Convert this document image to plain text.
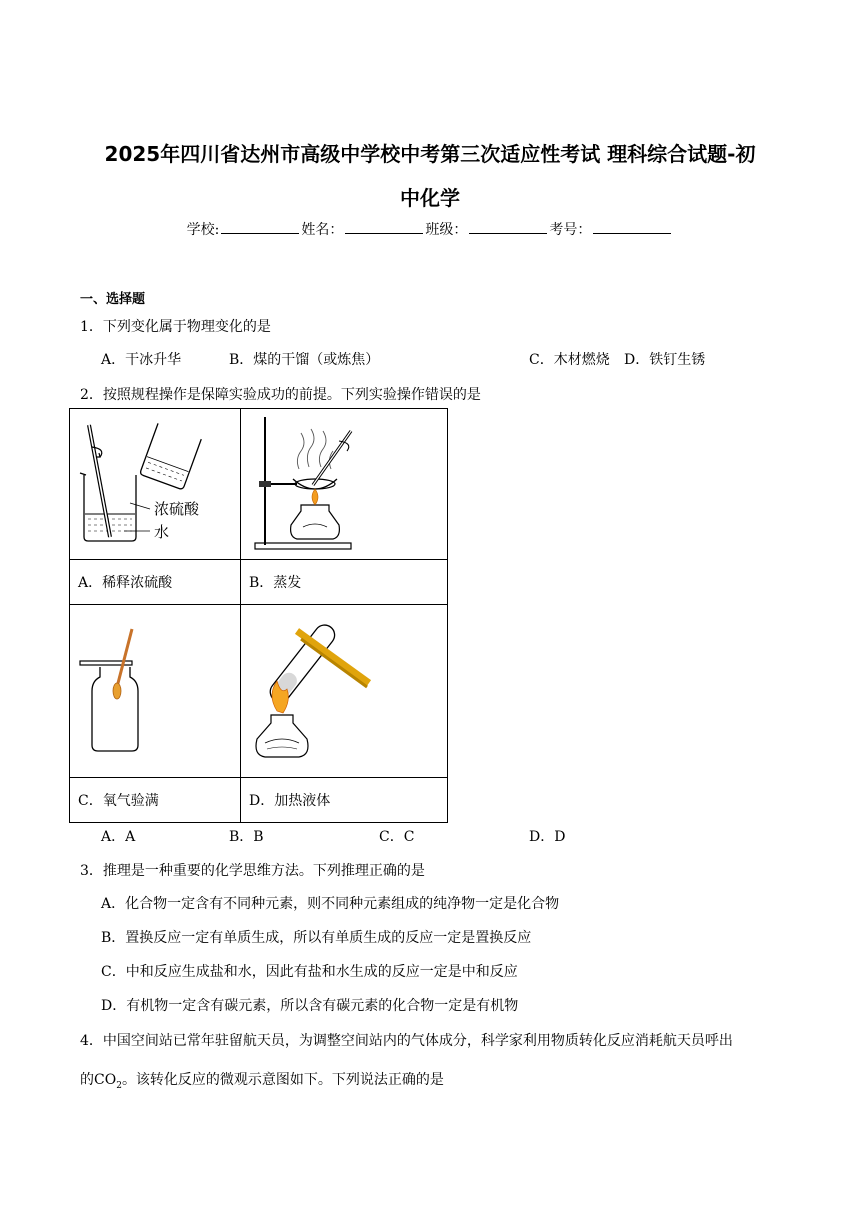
2025年四川省达州市高级中学校中考第三次适应性考试 理科综合试题-初
中化学
学校:	姓名：	班级：	考号：
一、选择题
1．下列变化属于物理变化的是
A．干冰升华	B．煤的干馏（或炼焦）	C．木材燃烧 D．铁钉生锈
2．按照规程操作是保障实验成功的前提。下列实验操作错误的是
浓硫酸
水

A．稀释浓硫酸	B．蒸发

C．氧气验满	D．加热液体
A．A	B．B	C．C	D．D
3．推理是一种重要的化学思维方法。下列推理正确的是
A．化合物一定含有不同种元素，则不同种元素组成的纯净物一定是化合物
B．置换反应一定有单质生成，所以有单质生成的反应一定是置换反应
C．中和反应生成盐和水，因此有盐和水生成的反应一定是中和反应
D．有机物一定含有碳元素，所以含有碳元素的化合物一定是有机物
4．中国空间站已常年驻留航天员，为调整空间站内的气体成分，科学家利用物质转化反应消耗航天员呼出
的$CO_2$。该转化反应的微观示意图如下。下列说法正确的是
